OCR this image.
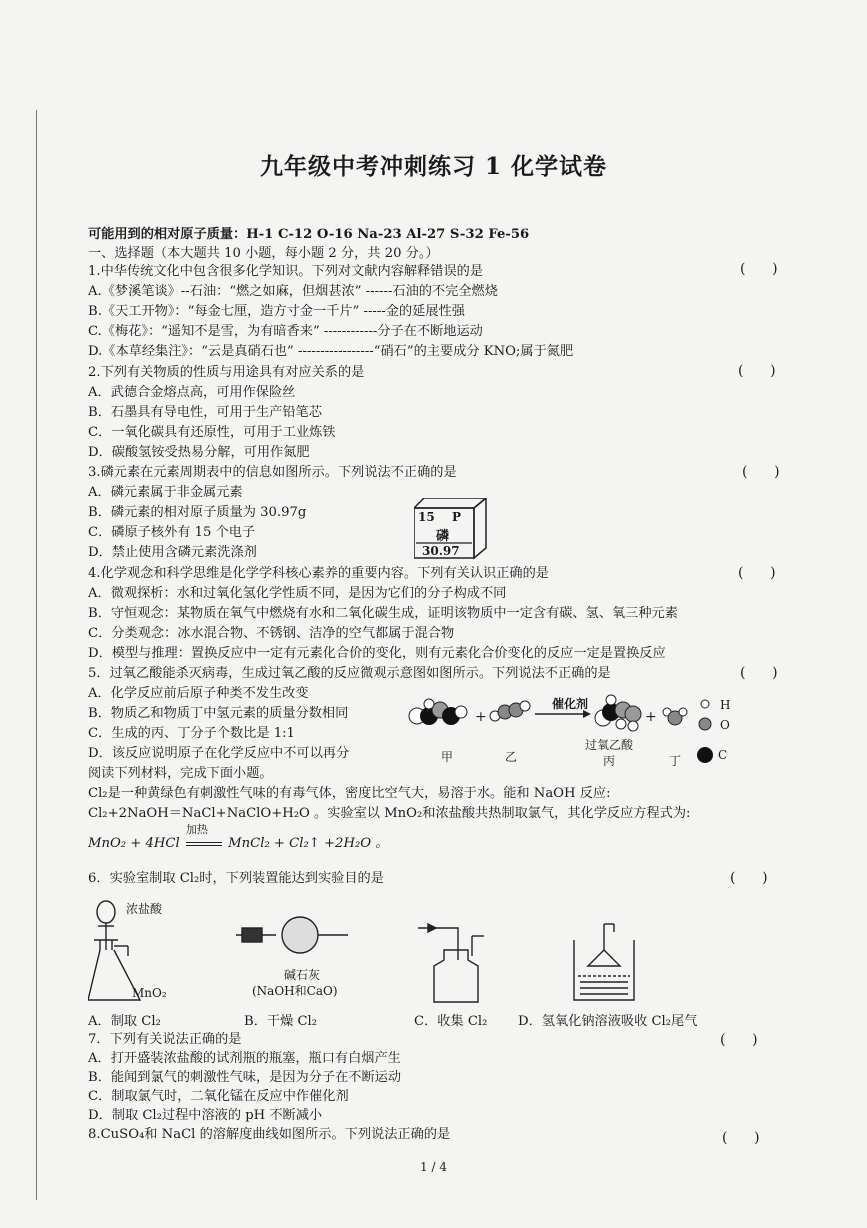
九年级中考冲刺练习 1 化学试卷
可能用到的相对原子质量：H-1 C-12 O-16 Na-23 Al-27 S-32 Fe-56
一、选择题（本大题共 10 小题，每小题 2 分，共 20 分。）
1.中华传统文化中包含很多化学知识。下列对文献内容解释错误的是	(      )
A.《梦溪笔谈》--石油：“燃之如麻，但烟甚浓” ------石油的不完全燃烧
B.《天工开物》：“每金七厘，造方寸金一千片” -----金的延展性强
C.《梅花》：“遥知不是雪，为有暗香来” ------------分子在不断地运动
D.《本草经集注》：“云是真硝石也” -----------------“硝石”的主要成分 KNO;属于氮肥
2.下列有关物质的性质与用途具有对应关系的是	(      )
A．武德合金熔点高，可用作保险丝
B．石墨具有导电性，可用于生产铅笔芯
C．一氧化碳具有还原性，可用于工业炼铁
D．碳酸氢铵受热易分解，可用作氮肥
3.磷元素在元素周期表中的信息如图所示。下列说法不正确的是	(      )
A．磷元素属于非金属元素
B．磷元素的相对原子质量为 30.97g
C．磷原子核外有 15 个电子
D．禁止使用含磷元素洗涤剂
15 P
磷
30.97
4.化学观念和科学思维是化学学科核心素养的重要内容。下列有关认识正确的是	(      )
A．微观探析：水和过氧化氢化学性质不同，是因为它们的分子构成不同
B．守恒观念：某物质在氧气中燃烧有水和二氧化碳生成，证明该物质中一定含有碳、氢、氧三种元素
C．分类观念：冰水混合物、不锈钢、洁净的空气都属于混合物
D．模型与推理：置换反应中一定有元素化合价的变化，则有元素化合价变化的反应一定是置换反应
5．过氧乙酸能杀灭病毒，生成过氧乙酸的反应微观示意图如图所示。下列说法不正确的是	(      )
A．化学反应前后原子种类不发生改变
B．物质乙和物质丁中氢元素的质量分数相同
C．生成的丙、丁分子个数比是 1:1
D．该反应说明原子在化学反应中不可以再分
+	+
催化剂	H
O
C
甲	乙
过氧乙酸
丙	丁
阅读下列材料，完成下面小题。
Cl₂是一种黄绿色有刺激性气味的有毒气体，密度比空气大，易溶于水。能和 NaOH 反应:
Cl₂+2NaOH＝NaCl+NaClO+H₂O 。实验室以 MnO₂和浓盐酸共热制取氯气，其化学反应方程式为:
MnO₂ + 4HCl
加热
MnCl₂ + Cl₂↑ +2H₂O 。
6．实验室制取 Cl₂时，下列装置能达到实验目的是	(      )
浓盐酸
MnO₂
碱石灰
(NaOH和CaO)
A．制取 Cl₂	B．干燥 Cl₂	C．收集 Cl₂ D．氢氧化钠溶液吸收 Cl₂尾气
7．下列有关说法正确的是	(      )
A．打开盛装浓盐酸的试剂瓶的瓶塞，瓶口有白烟产生
B．能闻到氯气的刺激性气味，是因为分子在不断运动
C．制取氯气时，二氧化锰在反应中作催化剂
D．制取 Cl₂过程中溶液的 pH 不断减小
8.CuSO₄和 NaCl 的溶解度曲线如图所示。下列说法正确的是	(      )
1 / 4
